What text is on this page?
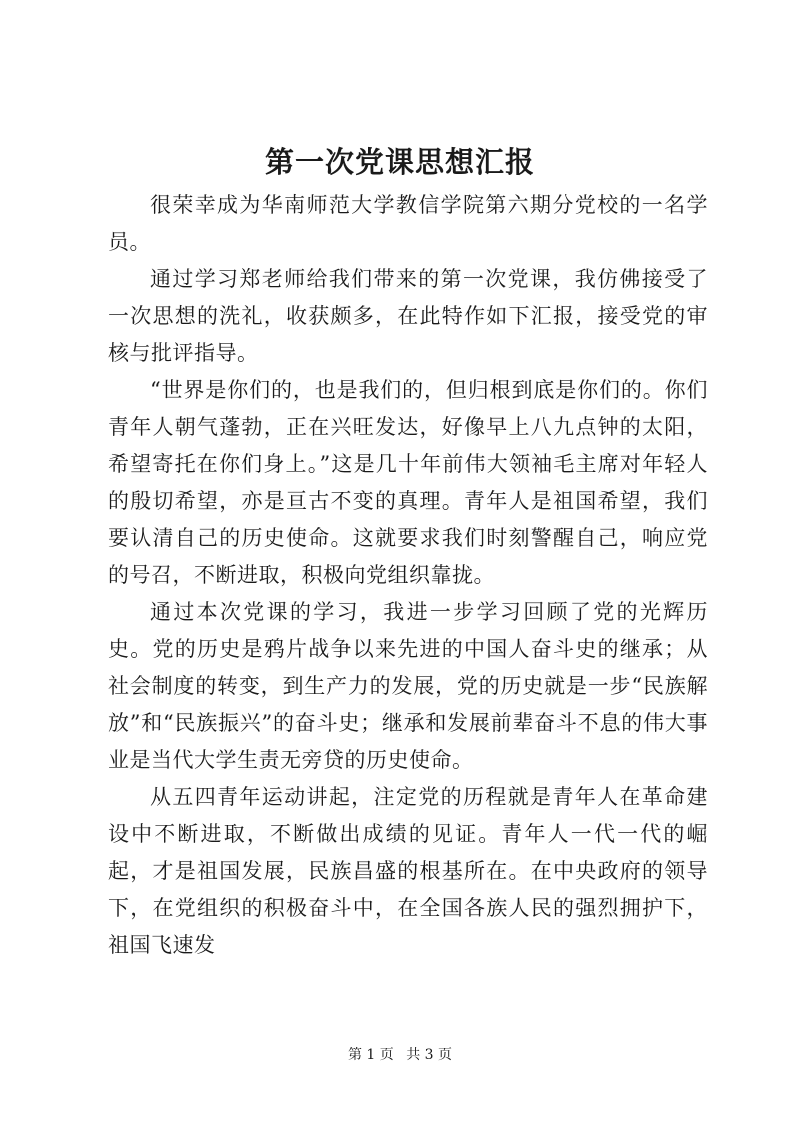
第一次党课思想汇报

很荣幸成为华南师范大学教信学院第六期分党校的一名学员。

通过学习郑老师给我们带来的第一次党课，我仿佛接受了一次思想的洗礼，收获颇多，在此特作如下汇报，接受党的审核与批评指导。

“世界是你们的，也是我们的，但归根到底是你们的。你们青年人朝气蓬勃，正在兴旺发达，好像早上八九点钟的太阳，希望寄托在你们身上。”这是几十年前伟大领袖毛主席对年轻人的殷切希望，亦是亘古不变的真理。青年人是祖国希望，我们要认清自己的历史使命。这就要求我们时刻警醒自己，响应党的号召，不断进取，积极向党组织靠拢。

通过本次党课的学习，我进一步学习回顾了党的光辉历史。党的历史是鸦片战争以来先进的中国人奋斗史的继承；从社会制度的转变，到生产力的发展，党的历史就是一步“民族解放”和“民族振兴”的奋斗史；继承和发展前辈奋斗不息的伟大事业是当代大学生责无旁贷的历史使命。

从五四青年运动讲起，注定党的历程就是青年人在革命建设中不断进取，不断做出成绩的见证。青年人一代一代的崛起，才是祖国发展，民族昌盛的根基所在。在中央政府的领导下，在党组织的积极奋斗中，在全国各族人民的强烈拥护下，祖国飞速发

第 1 页 共 3 页
